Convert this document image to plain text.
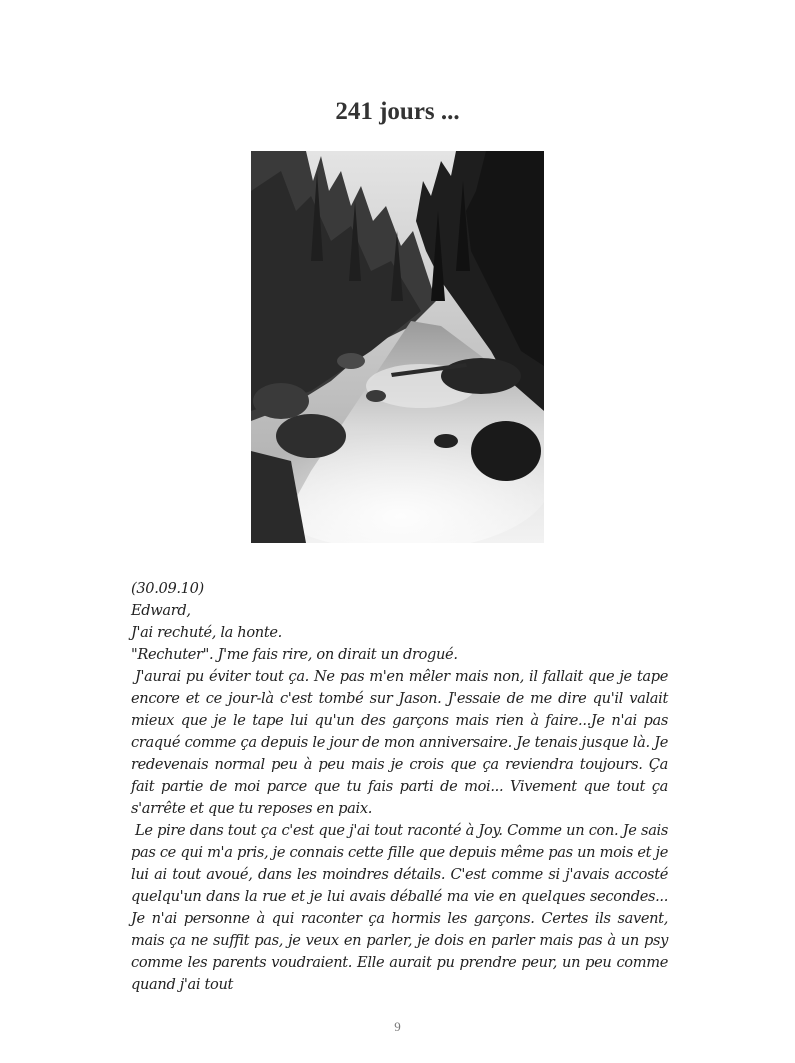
241 jours ...

(30.09.10)

Edward,

J'ai rechuté, la honte.

"Rechuter". J'me fais rire, on dirait un drogué.

J'aurai pu éviter tout ça. Ne pas m'en mêler mais non, il fallait que je tape encore et ce jour-là c'est tombé sur Jason. J'essaie de me dire qu'il valait mieux que je le tape lui qu'un des garçons mais rien à faire...Je n'ai pas craqué comme ça depuis le jour de mon anniversaire. Je tenais jusque là. Je redevenais normal peu à peu mais je crois que ça reviendra toujours. Ça fait partie de moi parce que tu fais parti de moi... Vivement que tout ça s'arrête et que tu reposes en paix.

Le pire dans tout ça c'est que j'ai tout raconté à Joy. Comme un con. Je sais pas ce qui m'a pris, je connais cette fille que depuis même pas un mois et je lui ai tout avoué, dans les moindres détails. C'est comme si j'avais accosté quelqu'un dans la rue et je lui avais déballé ma vie en quelques secondes... Je n'ai personne à qui raconter ça hormis les garçons. Certes ils savent, mais ça ne suffit pas, je veux en parler, je dois en parler mais pas à un psy comme les parents voudraient. Elle aurait pu prendre peur, un peu comme quand j'ai tout

9
